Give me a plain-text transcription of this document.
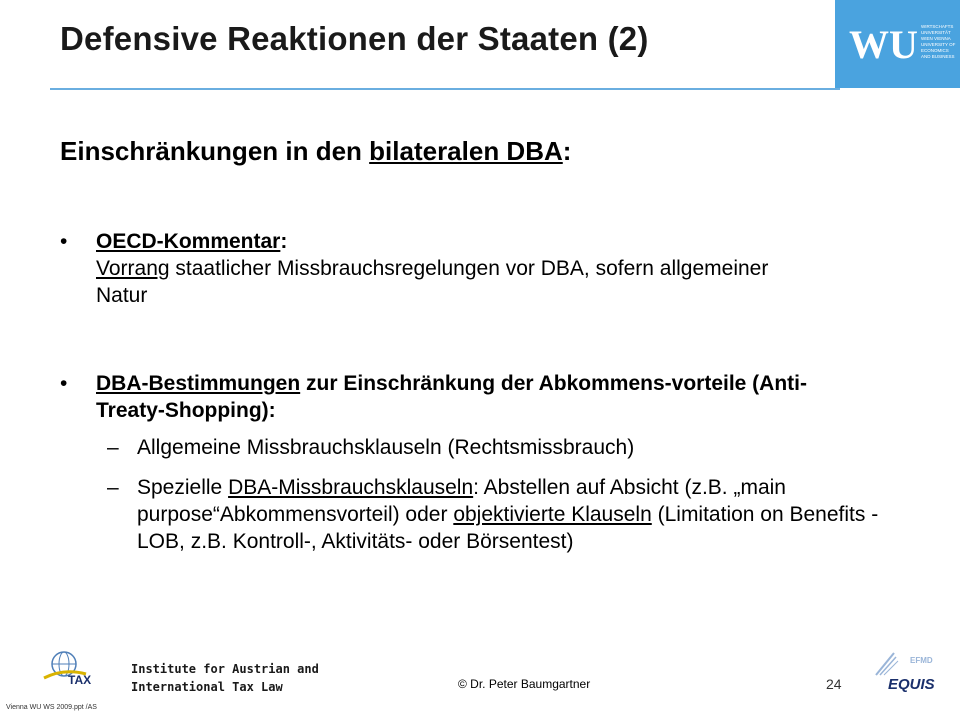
Defensive Reaktionen der Staaten (2)	WU WIRTSCHAFTS
UNIVERSITÄT
WIEN VIENNA
UNIVERSITY OF
ECONOMICS
AND BUSINESS
Einschränkungen in den bilateralen DBA:
• OECD-Kommentar:
Vorrang staatlicher Missbrauchsregelungen vor DBA, sofern allgemeiner Natur
• DBA-Bestimmungen zur Einschränkung der Abkommens-vorteile (Anti-Treaty-Shopping):
– Allgemeine Missbrauchsklauseln (Rechtsmissbrauch)
– Spezielle DBA-Missbrauchsklauseln: Abstellen auf Absicht (z.B. „main purpose“Abkommensvorteil) oder objektivierte Klauseln (Limitation on Benefits - LOB, z.B. Kontroll-, Aktivitäts- oder Börsentest)
TAX
Institute for Austrian and
International Tax Law	© Dr. Peter Baumgartner	24
Vienna WU WS 2009.ppt /AS
EFMD
EQUIS
